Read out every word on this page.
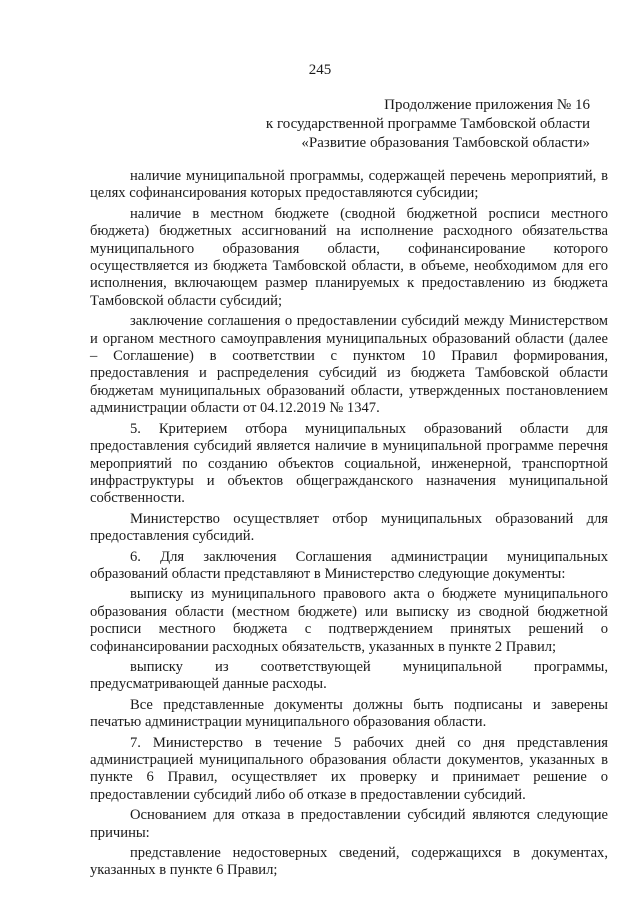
245
Продолжение приложения № 16
к государственной программе Тамбовской области
«Развитие образования Тамбовской области»

наличие муниципальной программы, содержащей перечень мероприятий, в целях софинансирования которых предоставляются субсидии;

наличие в местном бюджете (сводной бюджетной росписи местного бюджета) бюджетных ассигнований на исполнение расходного обязательства муниципального образования области, софинансирование которого осуществляется из бюджета Тамбовской области, в объеме, необходимом для его исполнения, включающем размер планируемых к предоставлению из бюджета Тамбовской области субсидий;

заключение соглашения о предоставлении субсидий между Министерством и органом местного самоуправления муниципальных образований области (далее – Соглашение) в соответствии с пунктом 10 Правил формирования, предоставления и распределения субсидий из бюджета Тамбовской области бюджетам муниципальных образований области, утвержденных постановлением администрации области от 04.12.2019 № 1347.

5. Критерием отбора муниципальных образований области для предоставления субсидий является наличие в муниципальной программе перечня мероприятий по созданию объектов социальной, инженерной, транспортной инфраструктуры и объектов общегражданского назначения муниципальной собственности.

Министерство осуществляет отбор муниципальных образований для предоставления субсидий.

6. Для заключения Соглашения администрации муниципальных образований области представляют в Министерство следующие документы:

выписку из муниципального правового акта о бюджете муниципального образования области (местном бюджете) или выписку из сводной бюджетной росписи местного бюджета с подтверждением принятых решений о софинансировании расходных обязательств, указанных в пункте 2 Правил;

выписку из соответствующей муниципальной программы, предусматривающей данные расходы.

Все представленные документы должны быть подписаны и заверены печатью администрации муниципального образования области.

7. Министерство в течение 5 рабочих дней со дня представления администрацией муниципального образования области документов, указанных в пункте 6 Правил, осуществляет их проверку и принимает решение о предоставлении субсидий либо об отказе в предоставлении субсидий.

Основанием для отказа в предоставлении субсидий являются следующие причины:

представление недостоверных сведений, содержащихся в документах, указанных в пункте 6 Правил;
